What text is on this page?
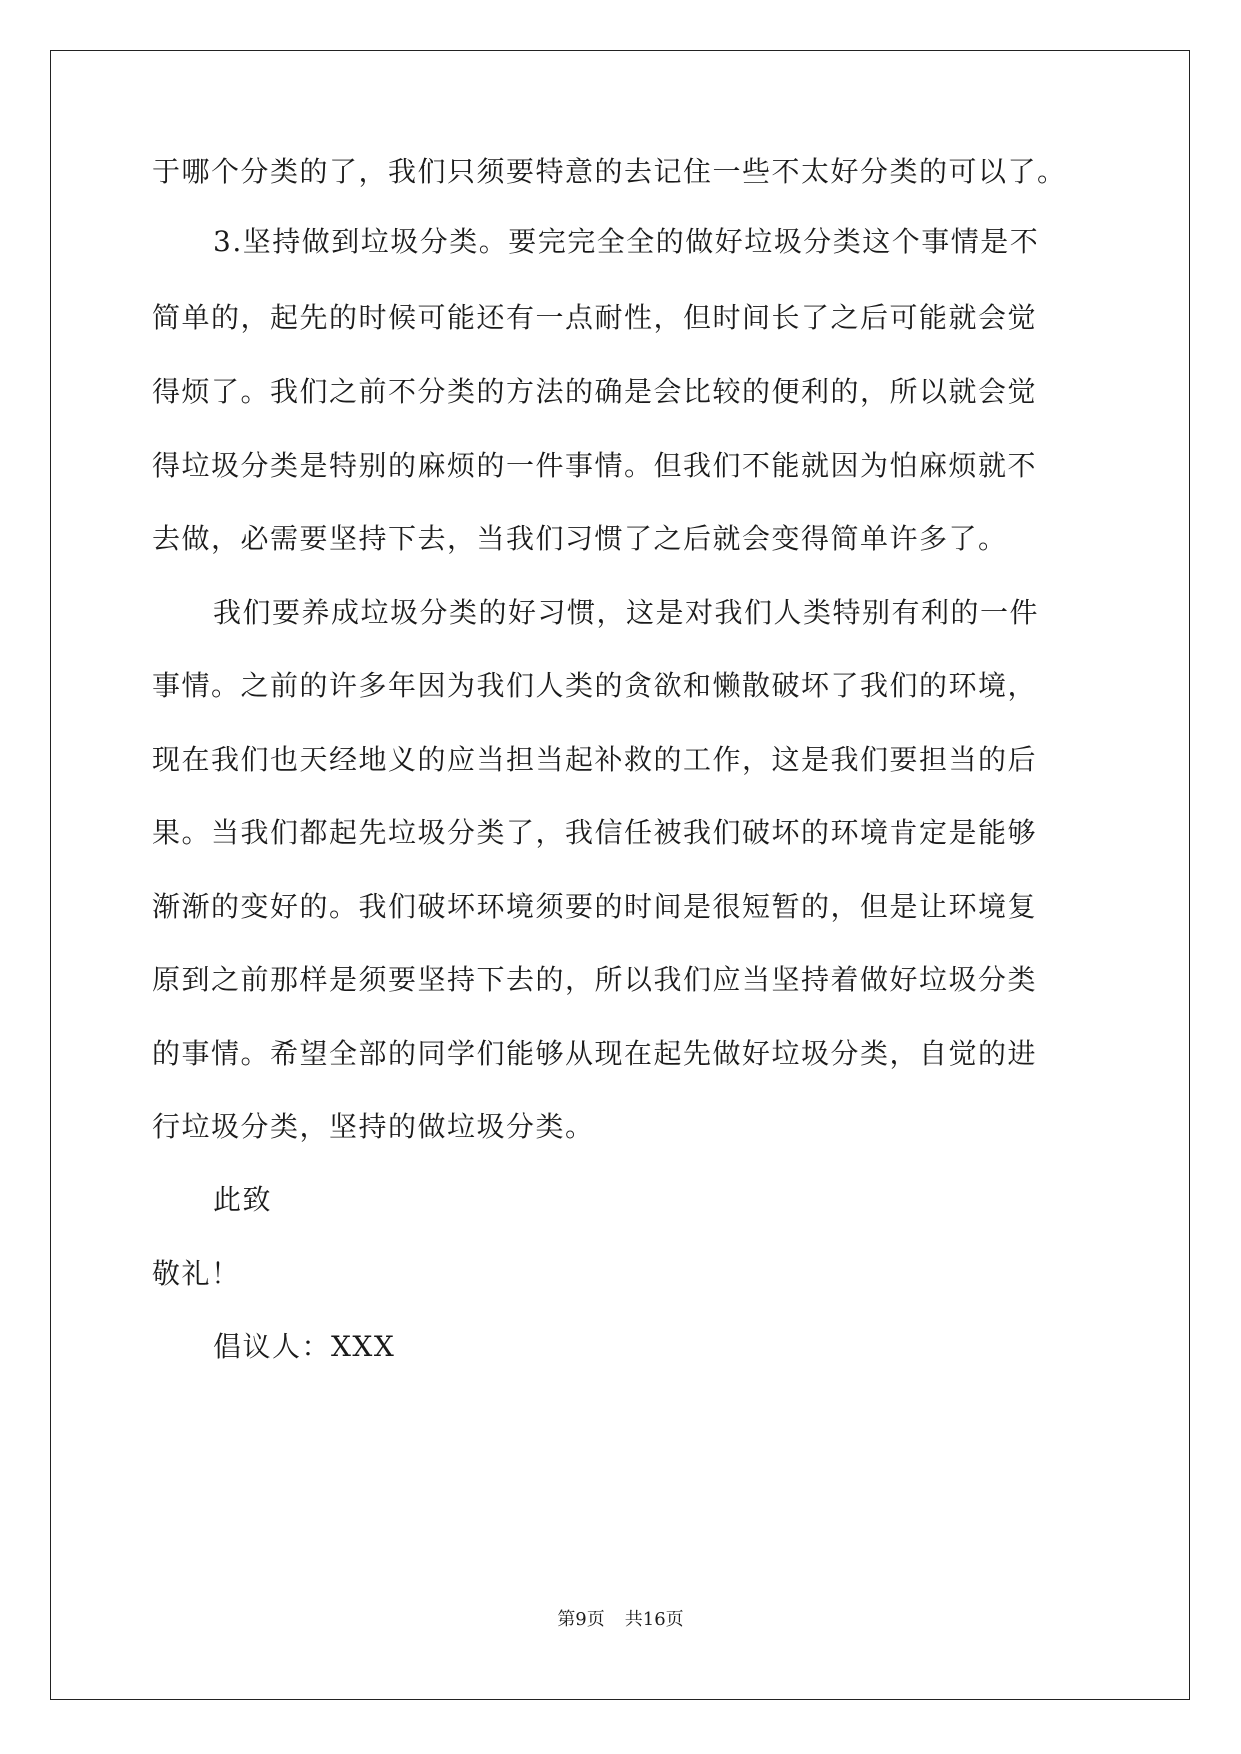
于哪个分类的了，我们只须要特意的去记住一些不太好分类的可以了。
3.坚持做到垃圾分类。要完完全全的做好垃圾分类这个事情是不
简单的，起先的时候可能还有一点耐性，但时间长了之后可能就会觉
得烦了。我们之前不分类的方法的确是会比较的便利的，所以就会觉
得垃圾分类是特别的麻烦的一件事情。但我们不能就因为怕麻烦就不
去做，必需要坚持下去，当我们习惯了之后就会变得简单许多了。
我们要养成垃圾分类的好习惯，这是对我们人类特别有利的一件
事情。之前的许多年因为我们人类的贪欲和懒散破坏了我们的环境，
现在我们也天经地义的应当担当起补救的工作，这是我们要担当的后
果。当我们都起先垃圾分类了，我信任被我们破坏的环境肯定是能够
渐渐的变好的。我们破坏环境须要的时间是很短暂的，但是让环境复
原到之前那样是须要坚持下去的，所以我们应当坚持着做好垃圾分类
的事情。希望全部的同学们能够从现在起先做好垃圾分类，自觉的进
行垃圾分类，坚持的做垃圾分类。
此致
敬礼！
倡议人：XXX
第9页 共16页
